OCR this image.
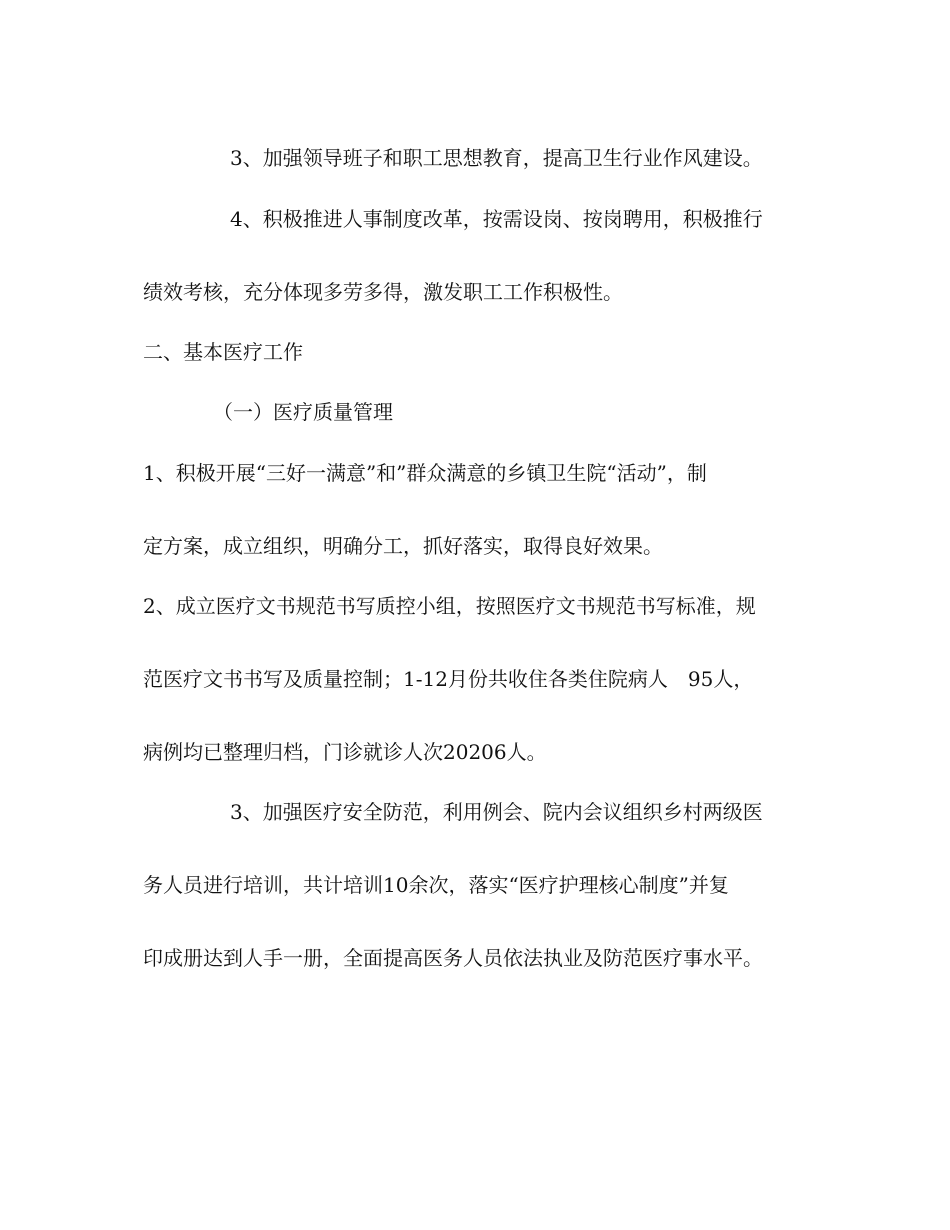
3、加强领导班子和职工思想教育，提高卫生行业作风建设。
4、积极推进人事制度改革，按需设岗、按岗聘用，积极推行
绩效考核，充分体现多劳多得，激发职工工作积极性。
二、基本医疗工作
（一）医疗质量管理
1、积极开展“三好一满意”和”群众满意的乡镇卫生院“活动”，制
定方案，成立组织，明确分工，抓好落实，取得良好效果。
2、成立医疗文书规范书写质控小组，按照医疗文书规范书写标准，规
范医疗文书书写及质量控制；1-12月份共收住各类住院病人　95人，
病例均已整理归档，门诊就诊人次20206人。
3、加强医疗安全防范，利用例会、院内会议组织乡村两级医
务人员进行培训，共计培训10余次，落实“医疗护理核心制度”并复
印成册达到人手一册，全面提高医务人员依法执业及防范医疗事水平。
